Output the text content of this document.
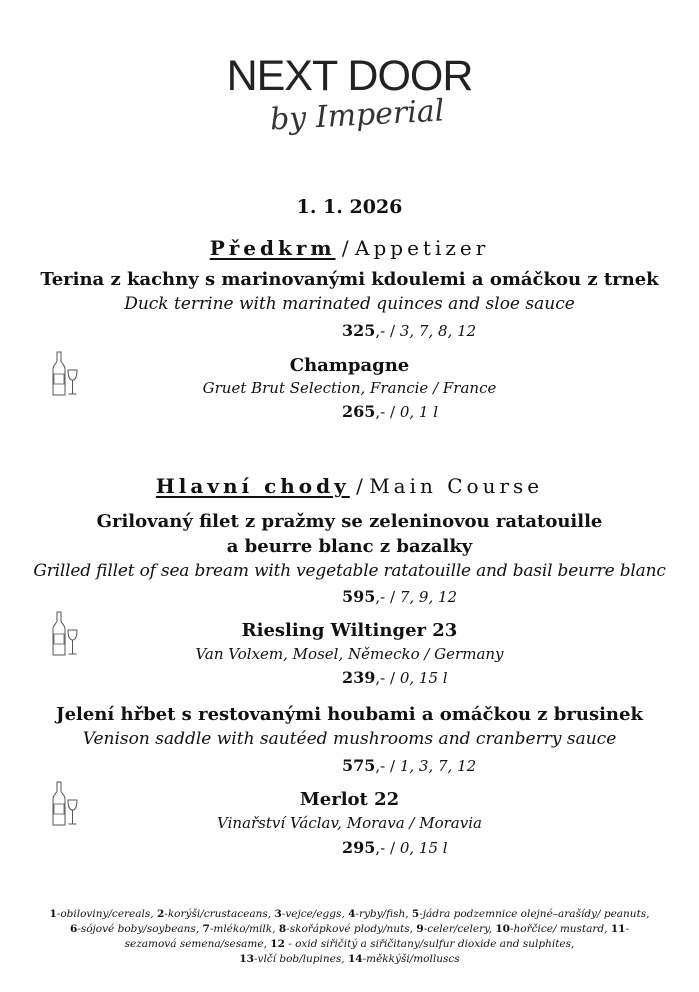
NEXT DOOR
by Imperial
1. 1. 2026
Předkrm / Appetizer
Terina z kachny s marinovanými kdoulemi a omáčkou z trnek
Duck terrine with marinated quinces and sloe sauce
325,- / 3, 7, 8, 12
Champagne
Gruet Brut Selection, Francie / France
265,- / 0, 1 l
Hlavní chody / Main Course
Grilovaný filet z pražmy se zeleninovou ratatouille
a beurre blanc z bazalky
Grilled fillet of sea bream with vegetable ratatouille and basil beurre blanc
595,- / 7, 9, 12
Riesling Wiltinger 23
Van Volxem, Mosel, Německo / Germany
239,- / 0, 15 l
Jelení hřbet s restovanými houbami a omáčkou z brusinek
Venison saddle with sautéed mushrooms and cranberry sauce
575,- / 1, 3, 7, 12
Merlot 22
Vinařství Václav, Morava / Moravia
295,- / 0, 15 l
1-obiloviny/cereals, 2-korýši/crustaceans, 3-vejce/eggs, 4-ryby/fish, 5-jádra podzemnice olejné–arašídy/ peanuts,
6-sójové boby/soybeans, 7-mléko/milk, 8-skořápkové plody/nuts, 9-celer/celery, 10-hořčice/ mustard, 11-
sezamová semena/sesame, 12 - oxid siřičitý a siřičitany/sulfur dioxide and sulphites,
13-vlčí bob/lupines, 14-měkkýši/molluscs
